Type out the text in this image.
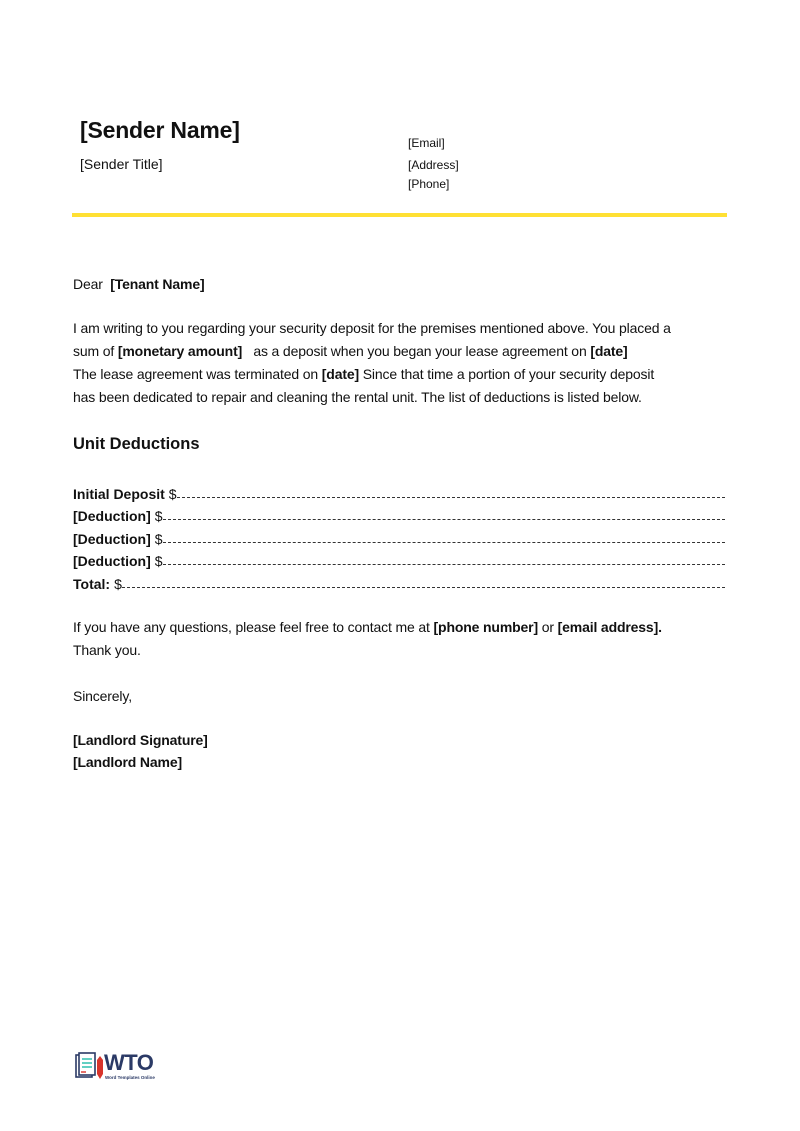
[Sender Name]
[Sender Title]
[Email]
[Address]
[Phone]
Dear [Tenant Name]
I am writing to you regarding your security deposit for the premises mentioned above. You placed a
sum of [monetary amount]   as a deposit when you began your lease agreement on [date]
The lease agreement was terminated on [date] Since that time a portion of your security deposit
has been dedicated to repair and cleaning the rental unit. The list of deductions is listed below.
Unit Deductions
Initial Deposit $
[Deduction] $
[Deduction] $
[Deduction] $
Total: $
If you have any questions, please feel free to contact me at [phone number] or [email address].
Thank you.
Sincerely,
[Landlord Signature]
[Landlord Name]
WTO
Word Templates Online
